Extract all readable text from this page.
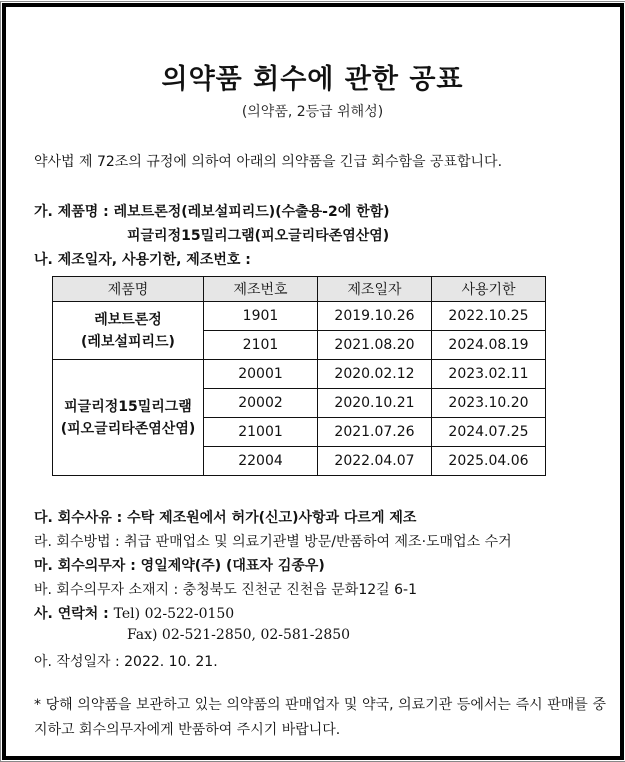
의약품 회수에 관한 공표
(의약품, 2등급 위해성)
약사법 제 72조의 규정에 의하여 아래의 의약품을 긴급 회수함을 공표합니다.
가. 제품명 : 레보트론정(레보설피리드)(수출용-2에 한함)
피글리정15밀리그램(피오글리타존염산염)
나. 제조일자, 사용기한, 제조번호 :
제품명	제조번호	제조일자	사용기한

레보트론정
(레보설피리드)	1901	2019.10.26	2022.10.25
	2101	2021.08.20	2024.08.19

피글리정15밀리그램
(피오글리타존염산염)	20001	2020.02.12	2023.02.11
	20002	2020.10.21	2023.10.20
	21001	2021.07.26	2024.07.25
	22004	2022.04.07	2025.04.06
다. 회수사유 : 수탁 제조원에서 허가(신고)사항과 다르게 제조
라. 회수방법 : 취급 판매업소 및 의료기관별 방문/반품하여 제조·도매업소 수거
마. 회수의무자 : 영일제약(주) (대표자 김종우)
바. 회수의무자 소재지 : 충청북도 진천군 진천읍 문화12길 6-1
사. 연락처 : Tel) 02-522-0150
Fax) 02-521-2850, 02-581-2850
아. 작성일자 : 2022. 10. 21.
* 당해 의약품을 보관하고 있는 의약품의 판매업자 및 약국, 의료기관 등에서는 즉시 판매를 중지하고 회수의무자에게 반품하여 주시기 바랍니다.
